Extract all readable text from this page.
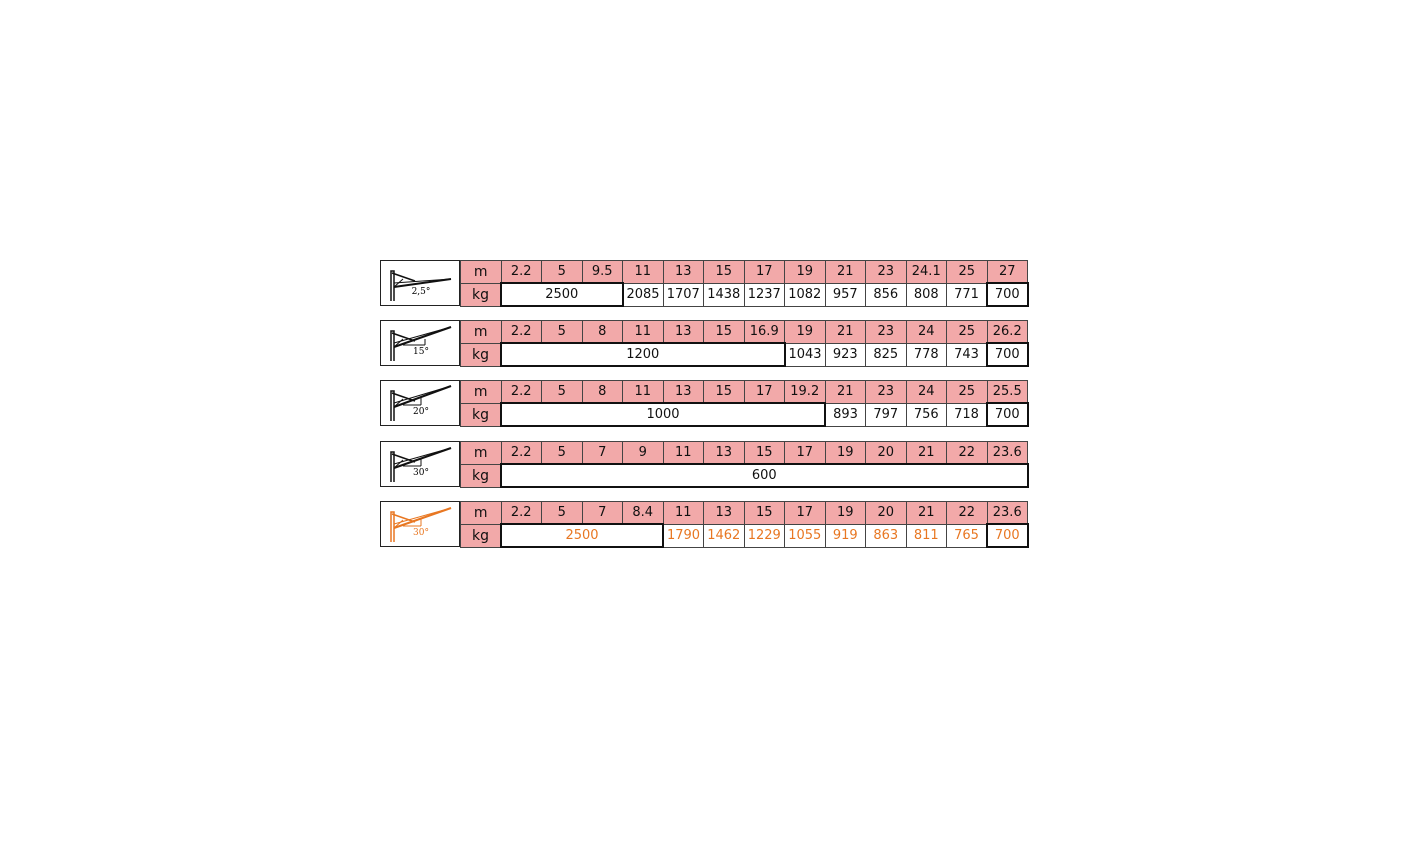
2,5°
m	2.2	5	9.5	11	13	15	17	19	21	23	24.1	25	27
kg	2500			2085	1707	1438	1237	1082	957	856	808	771	700
15°
m	2.2	5	8	11	13	15	16.9	19	21	23	24	25	26.2
kg	1200							1043	923	825	778	743	700
20°
m	2.2	5	8	11	13	15	17	19.2	21	23	24	25	25.5
kg	1000								893	797	756	718	700
30°
m	2.2	5	7	9	11	13	15	17	19	20	21	22	23.6
kg	600												
30°
m	2.2	5	7	8.4	11	13	15	17	19	20	21	22	23.6
kg	2500				1790	1462	1229	1055	919	863	811	765	700
